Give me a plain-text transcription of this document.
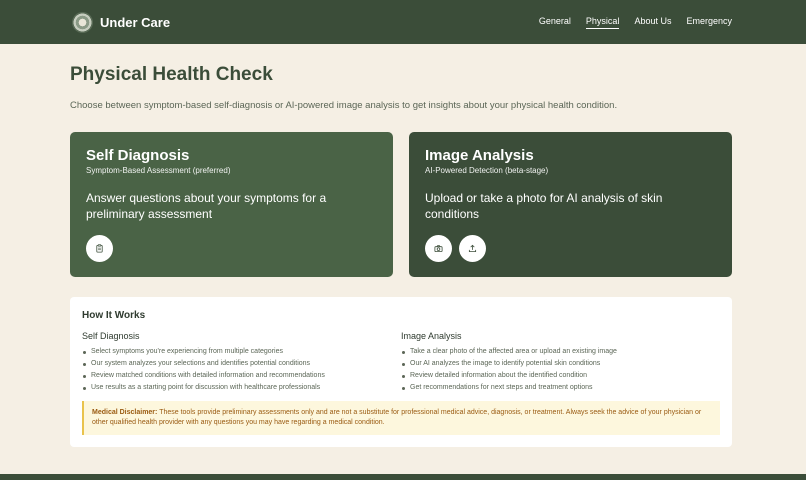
Under Care	General Physical About Us Emergency
Physical Health Check

Choose between symptom-based self-diagnosis or AI-powered image analysis to get insights about your physical health condition.

Self Diagnosis
Symptom-Based Assessment (preferred)
Answer questions about your symptoms for a preliminary assessment
Image Analysis
AI-Powered Detection (beta-stage)
Upload or take a photo for AI analysis of skin conditions
How It Works
Self Diagnosis
Select symptoms you're experiencing from multiple categories
Our system analyzes your selections and identifies potential conditions
Review matched conditions with detailed information and recommendations
Use results as a starting point for discussion with healthcare professionals
Image Analysis
Take a clear photo of the affected area or upload an existing image
Our AI analyzes the image to identify potential skin conditions
Review detailed information about the identified condition
Get recommendations for next steps and treatment options
Medical Disclaimer: These tools provide preliminary assessments only and are not a substitute for professional medical advice, diagnosis, or treatment. Always seek the advice of your physician or other qualified health provider with any questions you may have regarding a medical condition.
